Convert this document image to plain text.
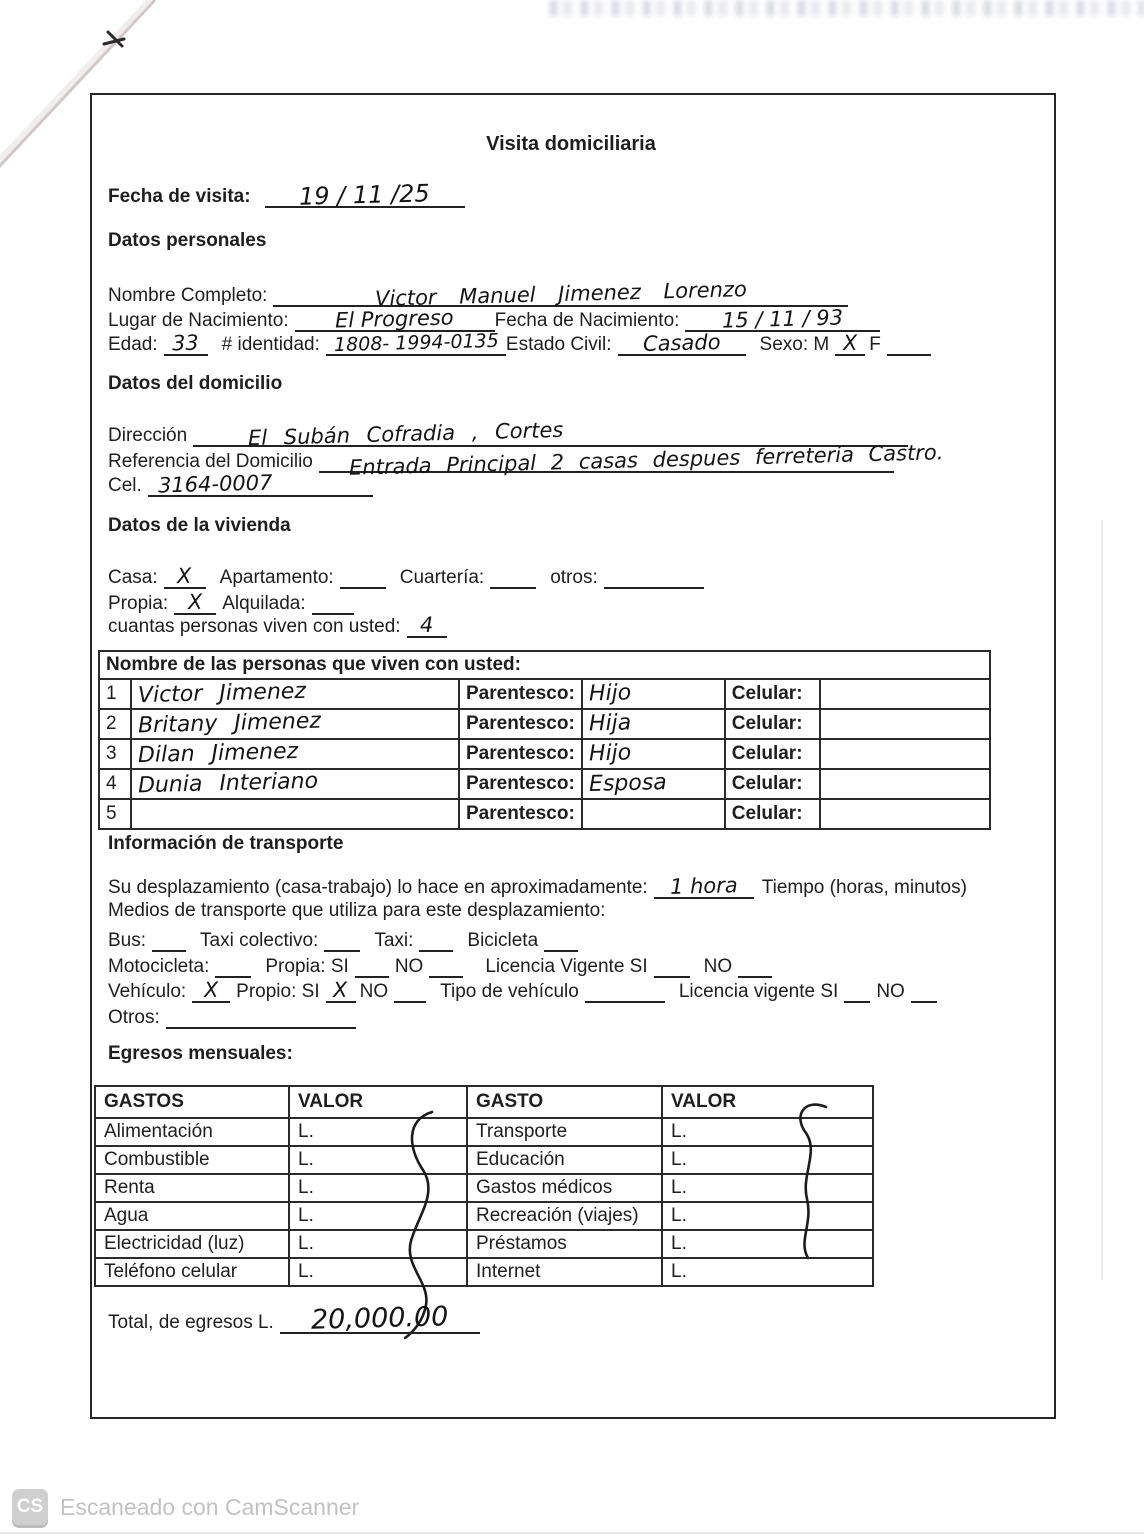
Visita domiciliaria
Fecha de visita: 19 / 11 /25
Datos personales
Nombre Completo:	Victor Manuel Jimenez Lorenzo
Lugar de Nacimiento: El Progreso Fecha de Nacimiento: 15 / 11 / 93
Edad: 33 # identidad: 1808- 1994-0135 Estado Civil: Casado Sexo: M X F
Datos del domicilio
Dirección	El Subán Cofradia , Cortes
Referencia del Domicilio Entrada Principal 2 casas despues ferreteria Castro.
Cel. 3164-0007
Datos de la vivienda
Casa: X Apartamento:	Cuartería:	otros:
Propia: X Alquilada:
cuantas personas viven con usted: 4
Nombre de las personas que viven con usted:					
1	Victor Jimenez	Parentesco:	Hijo	Celular:	
2	Britany Jimenez	Parentesco:	Hija	Celular:	
3	Dilan Jimenez	Parentesco:	Hijo	Celular:	
4	Dunia Interiano	Parentesco:	Esposa	Celular:	
5		Parentesco:		Celular:	
Información de transporte
Su desplazamiento (casa-trabajo) lo hace en aproximadamente: 1 hora Tiempo (horas, minutos)
Medios de transporte que utiliza para este desplazamiento:
Bus:	Taxi colectivo:	Taxi:	Bicicleta
Motocicleta:	Propia: SI NO	Licencia Vigente SI	NO
Vehículo: X Propio: SI X NO	Tipo de vehículo	Licencia vigente SI NO
Otros:
Egresos mensuales:
GASTOS	VALOR	GASTO	VALOR
Alimentación	L.	Transporte	L.
Combustible	L.	Educación	L.
Renta	L.	Gastos médicos	L.
Agua	L.	Recreación (viajes)	L.
Electricidad (luz)	L.	Préstamos	L.
Teléfono celular	L.	Internet	L.
Total, de egresos L. 20,000.00
CS Escaneado con CamScanner
